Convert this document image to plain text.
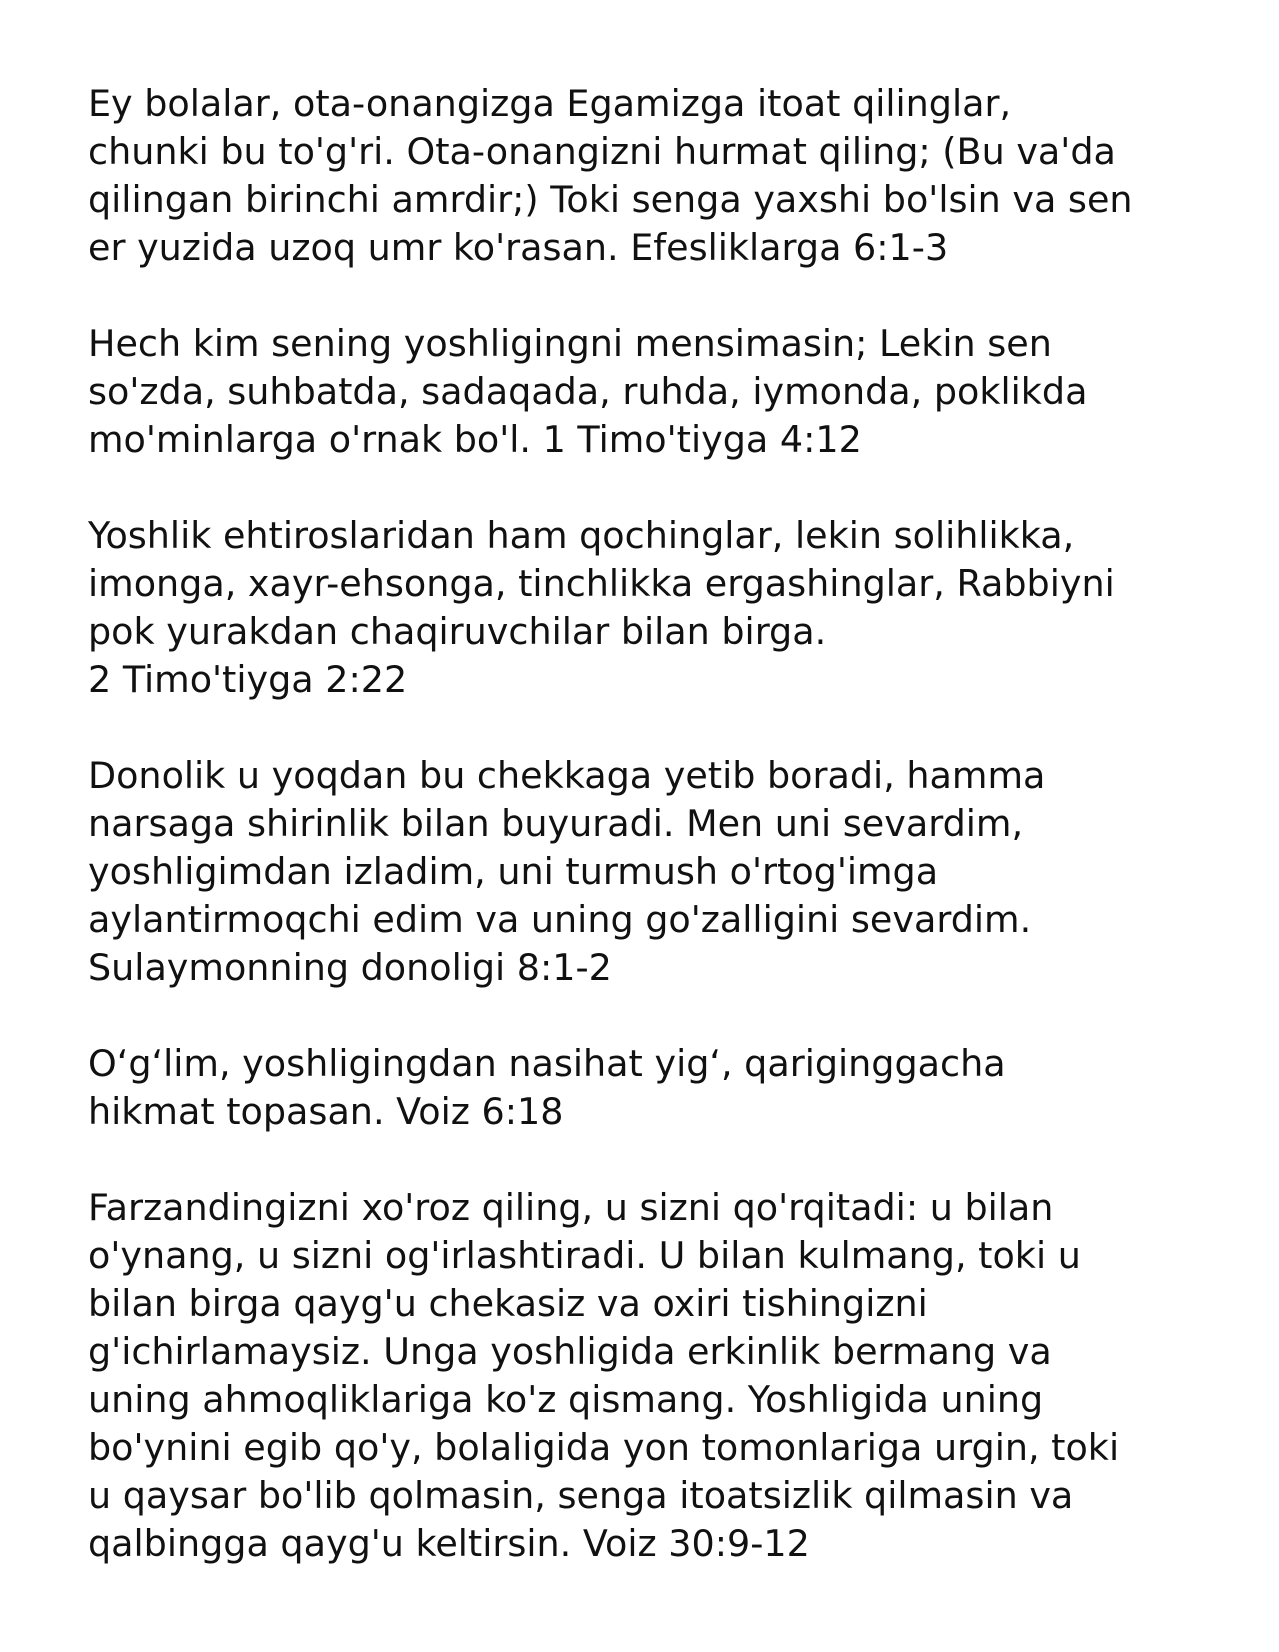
Ey bolalar, ota-onangizga Egamizga itoat qilinglar,
chunki bu to'g'ri. Ota-onangizni hurmat qiling; (Bu va'da
qilingan birinchi amrdir;) Toki senga yaxshi bo'lsin va sen
er yuzida uzoq umr ko'rasan. Efesliklarga 6:1-3

Hech kim sening yoshligingni mensimasin; Lekin sen
so'zda, suhbatda, sadaqada, ruhda, iymonda, poklikda
mo'minlarga o'rnak bo'l. 1 Timo'tiyga 4:12

Yoshlik ehtiroslaridan ham qochinglar, lekin solihlikka,
imonga, xayr-ehsonga, tinchlikka ergashinglar, Rabbiyni
pok yurakdan chaqiruvchilar bilan birga.
2 Timo'tiyga 2:22

Donolik u yoqdan bu chekkaga yetib boradi, hamma
narsaga shirinlik bilan buyuradi. Men uni sevardim,
yoshligimdan izladim, uni turmush o'rtog'imga
aylantirmoqchi edim va uning go'zalligini sevardim.
Sulaymonning donoligi 8:1-2

O‘g‘lim, yoshligingdan nasihat yig‘, qariginggacha
hikmat topasan. Voiz 6:18

Farzandingizni xo'roz qiling, u sizni qo'rqitadi: u bilan
o'ynang, u sizni og'irlashtiradi. U bilan kulmang, toki u
bilan birga qayg'u chekasiz va oxiri tishingizni
g'ichirlamaysiz. Unga yoshligida erkinlik bermang va
uning ahmoqliklariga ko'z qismang. Yoshligida uning
bo'ynini egib qo'y, bolaligida yon tomonlariga urgin, toki
u qaysar bo'lib qolmasin, senga itoatsizlik qilmasin va
qalbingga qayg'u keltirsin. Voiz 30:9-12
